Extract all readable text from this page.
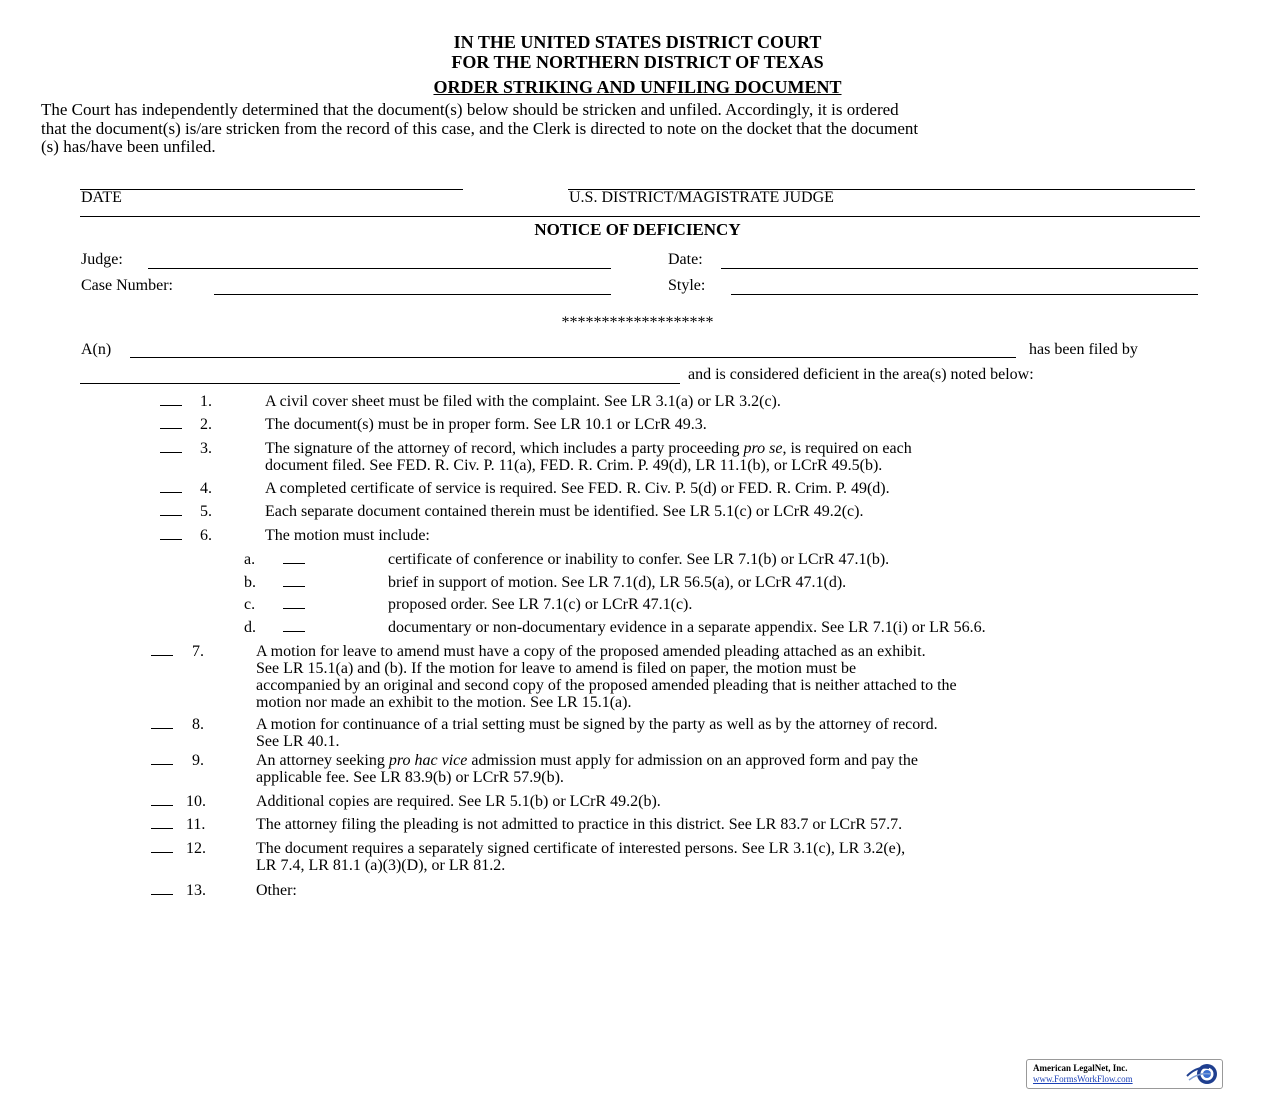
IN THE UNITED STATES DISTRICT COURT
FOR THE NORTHERN DISTRICT OF TEXAS
ORDER STRIKING AND UNFILING DOCUMENT
The Court has independently determined that the document(s) below should be stricken and unfiled. Accordingly, it is ordered
that the document(s) is/are stricken from the record of this case, and the Clerk is directed to note on the docket that the document
(s) has/have been unfiled.
DATE	U.S. DISTRICT/MAGISTRATE JUDGE
NOTICE OF DEFICIENCY
Judge:	Date:
Case Number:	Style:
*******************
A(n)	has been filed by
and is considered deficient in the area(s) noted below:
1.	A civil cover sheet must be filed with the complaint. See LR 3.1(a) or LR 3.2(c).
2.	The document(s) must be in proper form. See LR 10.1 or LCrR 49.3.
3.	The signature of the attorney of record, which includes a party proceeding pro se, is required on each
document filed. See FED. R. Civ. P. 11(a), FED. R. Crim. P. 49(d), LR 11.1(b), or LCrR 49.5(b).
4.	A completed certificate of service is required. See FED. R. Civ. P. 5(d) or FED. R. Crim. P. 49(d).
5.	Each separate document contained therein must be identified. See LR 5.1(c) or LCrR 49.2(c).
6.	The motion must include:
a.	certificate of conference or inability to confer. See LR 7.1(b) or LCrR 47.1(b).
b.	brief in support of motion. See LR 7.1(d), LR 56.5(a), or LCrR 47.1(d).
c.	proposed order. See LR 7.1(c) or LCrR 47.1(c).
d.	documentary or non-documentary evidence in a separate appendix. See LR 7.1(i) or LR 56.6.
7.	A motion for leave to amend must have a copy of the proposed amended pleading attached as an exhibit.
See LR 15.1(a) and (b). If the motion for leave to amend is filed on paper, the motion must be
accompanied by an original and second copy of the proposed amended pleading that is neither attached to the
motion nor made an exhibit to the motion. See LR 15.1(a).
8.	A motion for continuance of a trial setting must be signed by the party as well as by the attorney of record.
See LR 40.1.
9.	An attorney seeking pro hac vice admission must apply for admission on an approved form and pay the
applicable fee. See LR 83.9(b) or LCrR 57.9(b).
10.	Additional copies are required. See LR 5.1(b) or LCrR 49.2(b).
11.	The attorney filing the pleading is not admitted to practice in this district. See LR 83.7 or LCrR 57.7.
12.	The document requires a separately signed certificate of interested persons. See LR 3.1(c), LR 3.2(e),
LR 7.4, LR 81.1 (a)(3)(D), or LR 81.2.
13.	Other:
American LegalNet, Inc.
www.FormsWorkFlow.com
